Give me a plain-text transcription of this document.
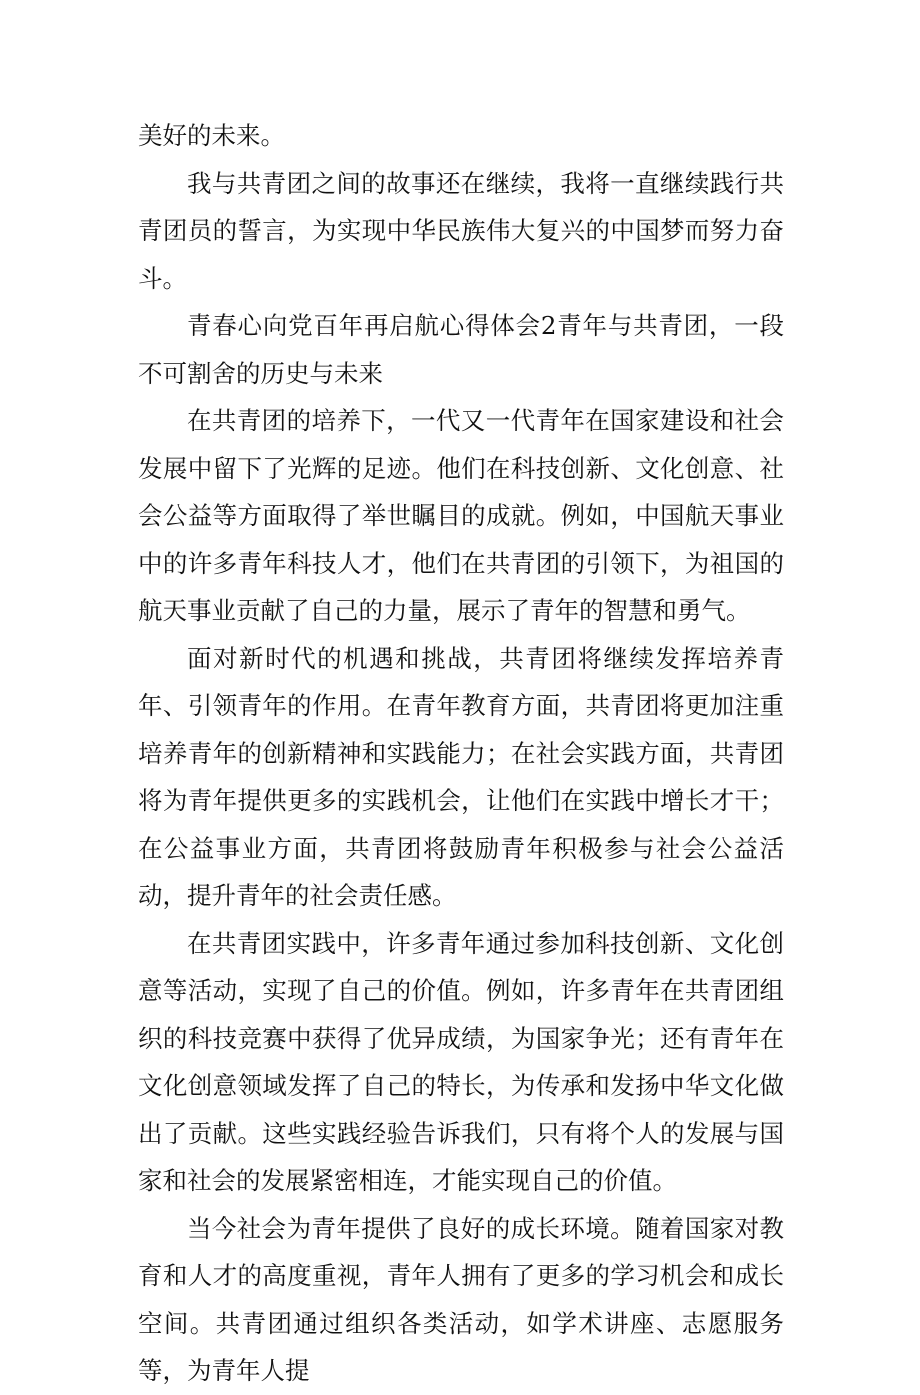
美好的未来。

我与共青团之间的故事还在继续，我将一直继续践行共青团员的誓言，为实现中华民族伟大复兴的中国梦而努力奋斗。

青春心向党百年再启航心得体会2青年与共青团，一段不可割舍的历史与未来

在共青团的培养下，一代又一代青年在国家建设和社会发展中留下了光辉的足迹。他们在科技创新、文化创意、社会公益等方面取得了举世瞩目的成就。例如，中国航天事业中的许多青年科技人才，他们在共青团的引领下，为祖国的航天事业贡献了自己的力量，展示了青年的智慧和勇气。

面对新时代的机遇和挑战，共青团将继续发挥培养青年、引领青年的作用。在青年教育方面，共青团将更加注重培养青年的创新精神和实践能力；在社会实践方面，共青团将为青年提供更多的实践机会，让他们在实践中增长才干；在公益事业方面，共青团将鼓励青年积极参与社会公益活动，提升青年的社会责任感。

在共青团实践中，许多青年通过参加科技创新、文化创意等活动，实现了自己的价值。例如，许多青年在共青团组织的科技竞赛中获得了优异成绩，为国家争光；还有青年在文化创意领域发挥了自己的特长，为传承和发扬中华文化做出了贡献。这些实践经验告诉我们，只有将个人的发展与国家和社会的发展紧密相连，才能实现自己的价值。

当今社会为青年提供了良好的成长环境。随着国家对教育和人才的高度重视，青年人拥有了更多的学习机会和成长空间。共青团通过组织各类活动，如学术讲座、志愿服务等，为青年人提
